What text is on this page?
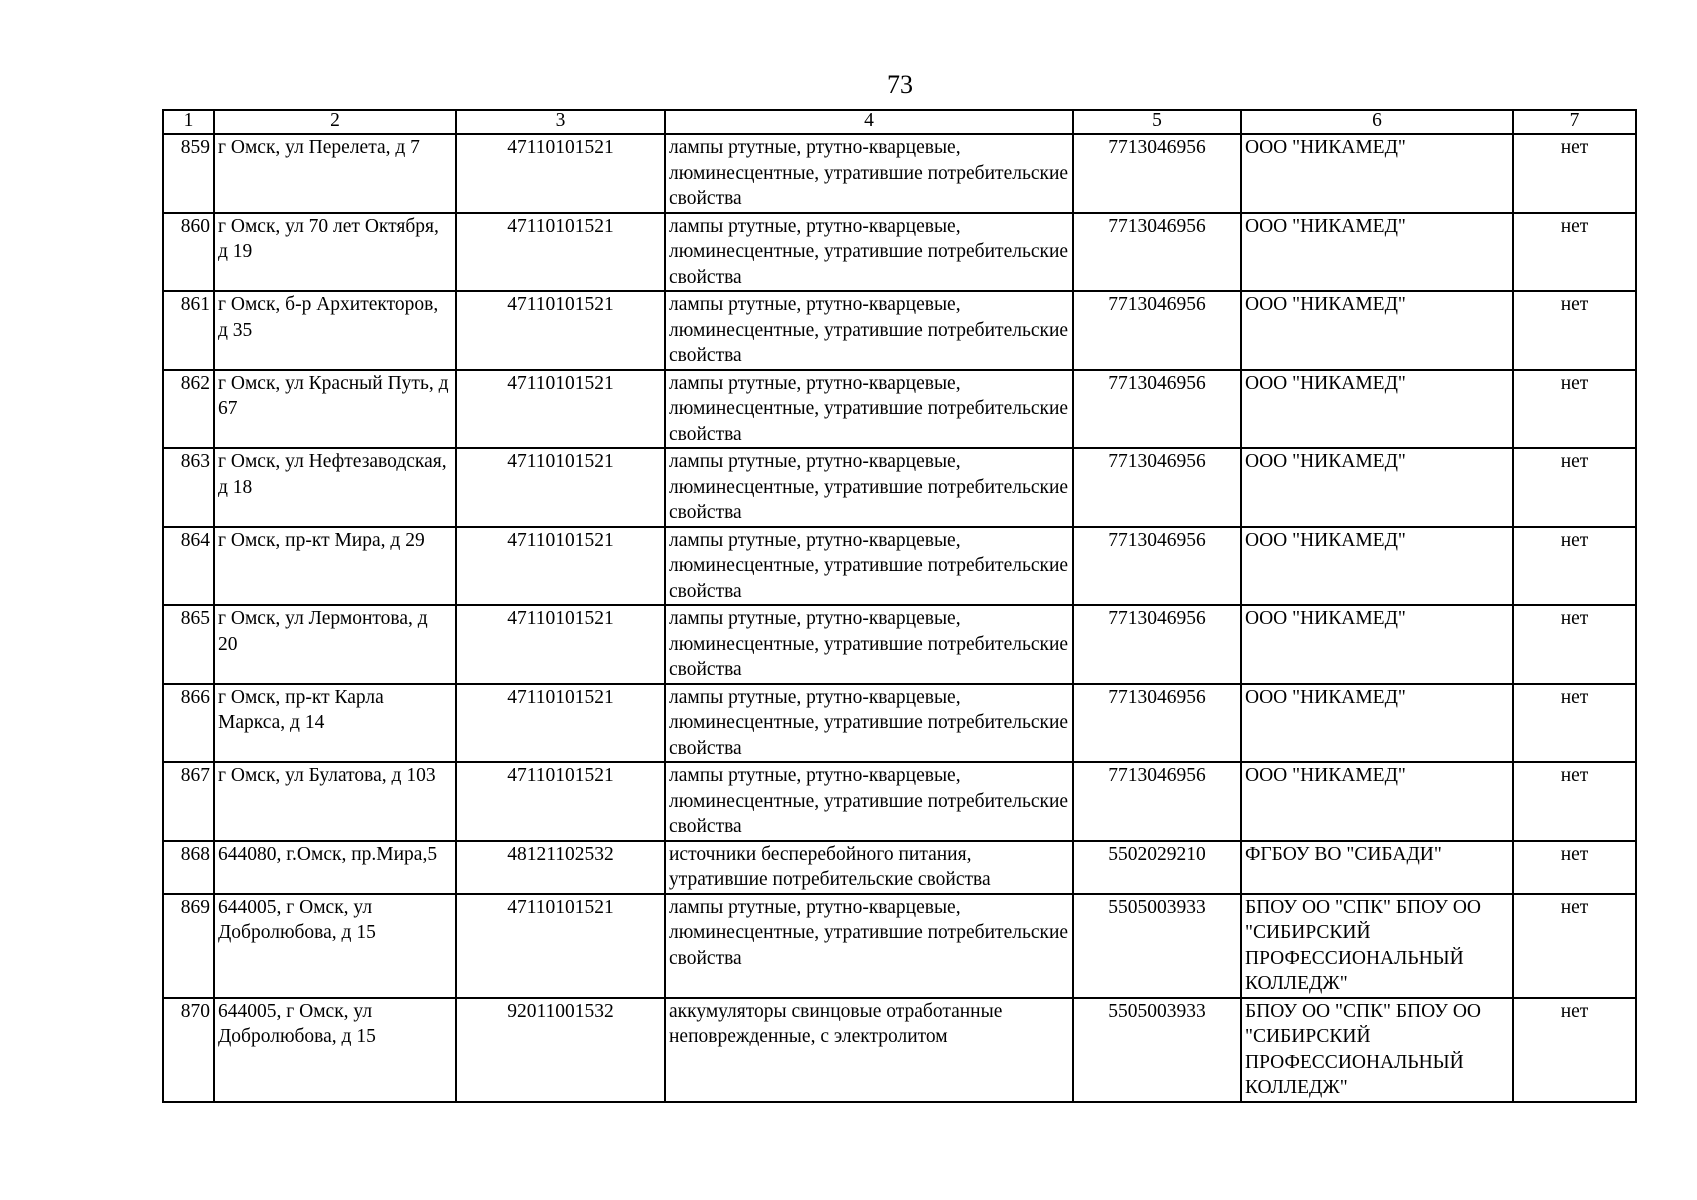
73
1	2	3	4	5	6	7
859	г Омск, ул Перелета, д 7	47110101521	лампы ртутные, ртутно-кварцевые, люминесцентные, утратившие потребительские свойства	7713046956	ООО "НИКАМЕД"	нет
860	г Омск, ул 70 лет Октября, д 19	47110101521	лампы ртутные, ртутно-кварцевые, люминесцентные, утратившие потребительские свойства	7713046956	ООО "НИКАМЕД"	нет
861	г Омск, б-р Архитекторов, д 35	47110101521	лампы ртутные, ртутно-кварцевые, люминесцентные, утратившие потребительские свойства	7713046956	ООО "НИКАМЕД"	нет
862	г Омск, ул Красный Путь, д 67	47110101521	лампы ртутные, ртутно-кварцевые, люминесцентные, утратившие потребительские свойства	7713046956	ООО "НИКАМЕД"	нет
863	г Омск, ул Нефтезаводская, д 18	47110101521	лампы ртутные, ртутно-кварцевые, люминесцентные, утратившие потребительские свойства	7713046956	ООО "НИКАМЕД"	нет
864	г Омск, пр-кт Мира, д 29	47110101521	лампы ртутные, ртутно-кварцевые, люминесцентные, утратившие потребительские свойства	7713046956	ООО "НИКАМЕД"	нет
865	г Омск, ул Лермонтова, д 20	47110101521	лампы ртутные, ртутно-кварцевые, люминесцентные, утратившие потребительские свойства	7713046956	ООО "НИКАМЕД"	нет
866	г Омск, пр-кт Карла Маркса, д 14	47110101521	лампы ртутные, ртутно-кварцевые, люминесцентные, утратившие потребительские свойства	7713046956	ООО "НИКАМЕД"	нет
867	г Омск, ул Булатова, д 103	47110101521	лампы ртутные, ртутно-кварцевые, люминесцентные, утратившие потребительские свойства	7713046956	ООО "НИКАМЕД"	нет
868	644080, г.Омск, пр.Мира,5	48121102532	источники бесперебойного питания, утратившие потребительские свойства	5502029210	ФГБОУ ВО "СИБАДИ"	нет
869	644005, г Омск, ул Добролюбова, д 15	47110101521	лампы ртутные, ртутно-кварцевые, люминесцентные, утратившие потребительские свойства	5505003933	БПОУ ОО "СПК" БПОУ ОО "СИБИРСКИЙ ПРОФЕССИОНАЛЬНЫЙ КОЛЛЕДЖ"	нет
870	644005, г Омск, ул Добролюбова, д 15	92011001532	аккумуляторы свинцовые отработанные неповрежденные, с электролитом	5505003933	БПОУ ОО "СПК" БПОУ ОО "СИБИРСКИЙ ПРОФЕССИОНАЛЬНЫЙ КОЛЛЕДЖ"	нет
